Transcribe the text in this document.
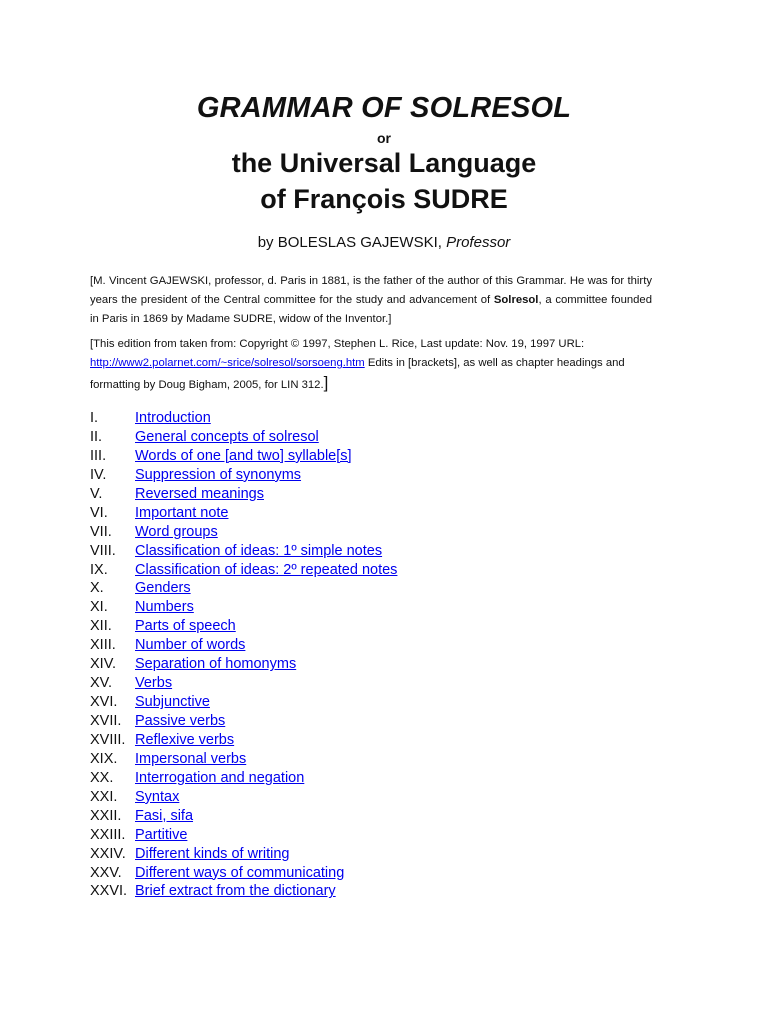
GRAMMAR OF SOLRESOL
or
the Universal Language
of François SUDRE
by BOLESLAS GAJEWSKI, Professor
[M. Vincent GAJEWSKI, professor, d. Paris in 1881, is the father of the author of this Grammar. He was for thirty years the president of the Central committee for the study and advancement of Solresol, a committee founded in Paris in 1869 by Madame SUDRE, widow of the Inventor.]
[This edition from taken from: Copyright © 1997, Stephen L. Rice, Last update: Nov. 19, 1997 URL: http://www2.polarnet.com/~srice/solresol/sorsoeng.htm Edits in [brackets], as well as chapter headings and formatting by Doug Bigham, 2005, for LIN 312.]
I.	Introduction
II. General concepts of solresol
III. Words of one [and two] syllable[s]
IV. Suppression of synonyms
V. Reversed meanings
VI. Important note
VII. Word groups
VIII. Classification of ideas: 1º simple notes
IX. Classification of ideas: 2º repeated notes
X. Genders
XI. Numbers
XII. Parts of speech
XIII. Number of words
XIV. Separation of homonyms
XV. Verbs
XVI. Subjunctive
XVII. Passive verbs
XVIII. Reflexive verbs
XIX. Impersonal verbs
XX. Interrogation and negation
XXI. Syntax
XXII. Fasi, sifa
XXIII. Partitive
XXIV. Different kinds of writing
XXV. Different ways of communicating
XXVI. Brief extract from the dictionary
